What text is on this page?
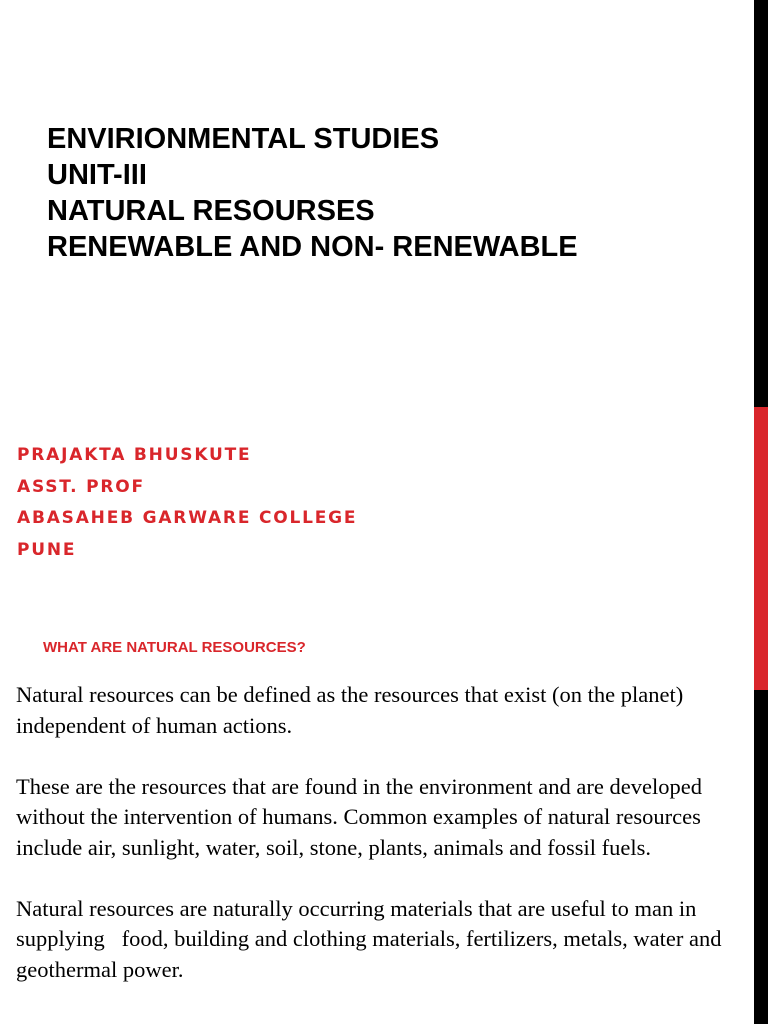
ENVIRIONMENTAL STUDIES
UNIT-III
NATURAL RESOURSES
RENEWABLE AND NON- RENEWABLE
PRAJAKTA BHUSKUTE
ASST. PROF
ABASAHEB GARWARE COLLEGE
PUNE
WHAT ARE NATURAL RESOURCES?

Natural resources can be defined as the resources that exist (on the planet) independent of human actions.

These are the resources that are found in the environment and are developed without the intervention of humans. Common examples of natural resources include air, sunlight, water, soil, stone, plants, animals and fossil fuels.

Natural resources are naturally occurring materials that are useful to man in supplying   food, building and clothing materials, fertilizers, metals, water and geothermal power.
